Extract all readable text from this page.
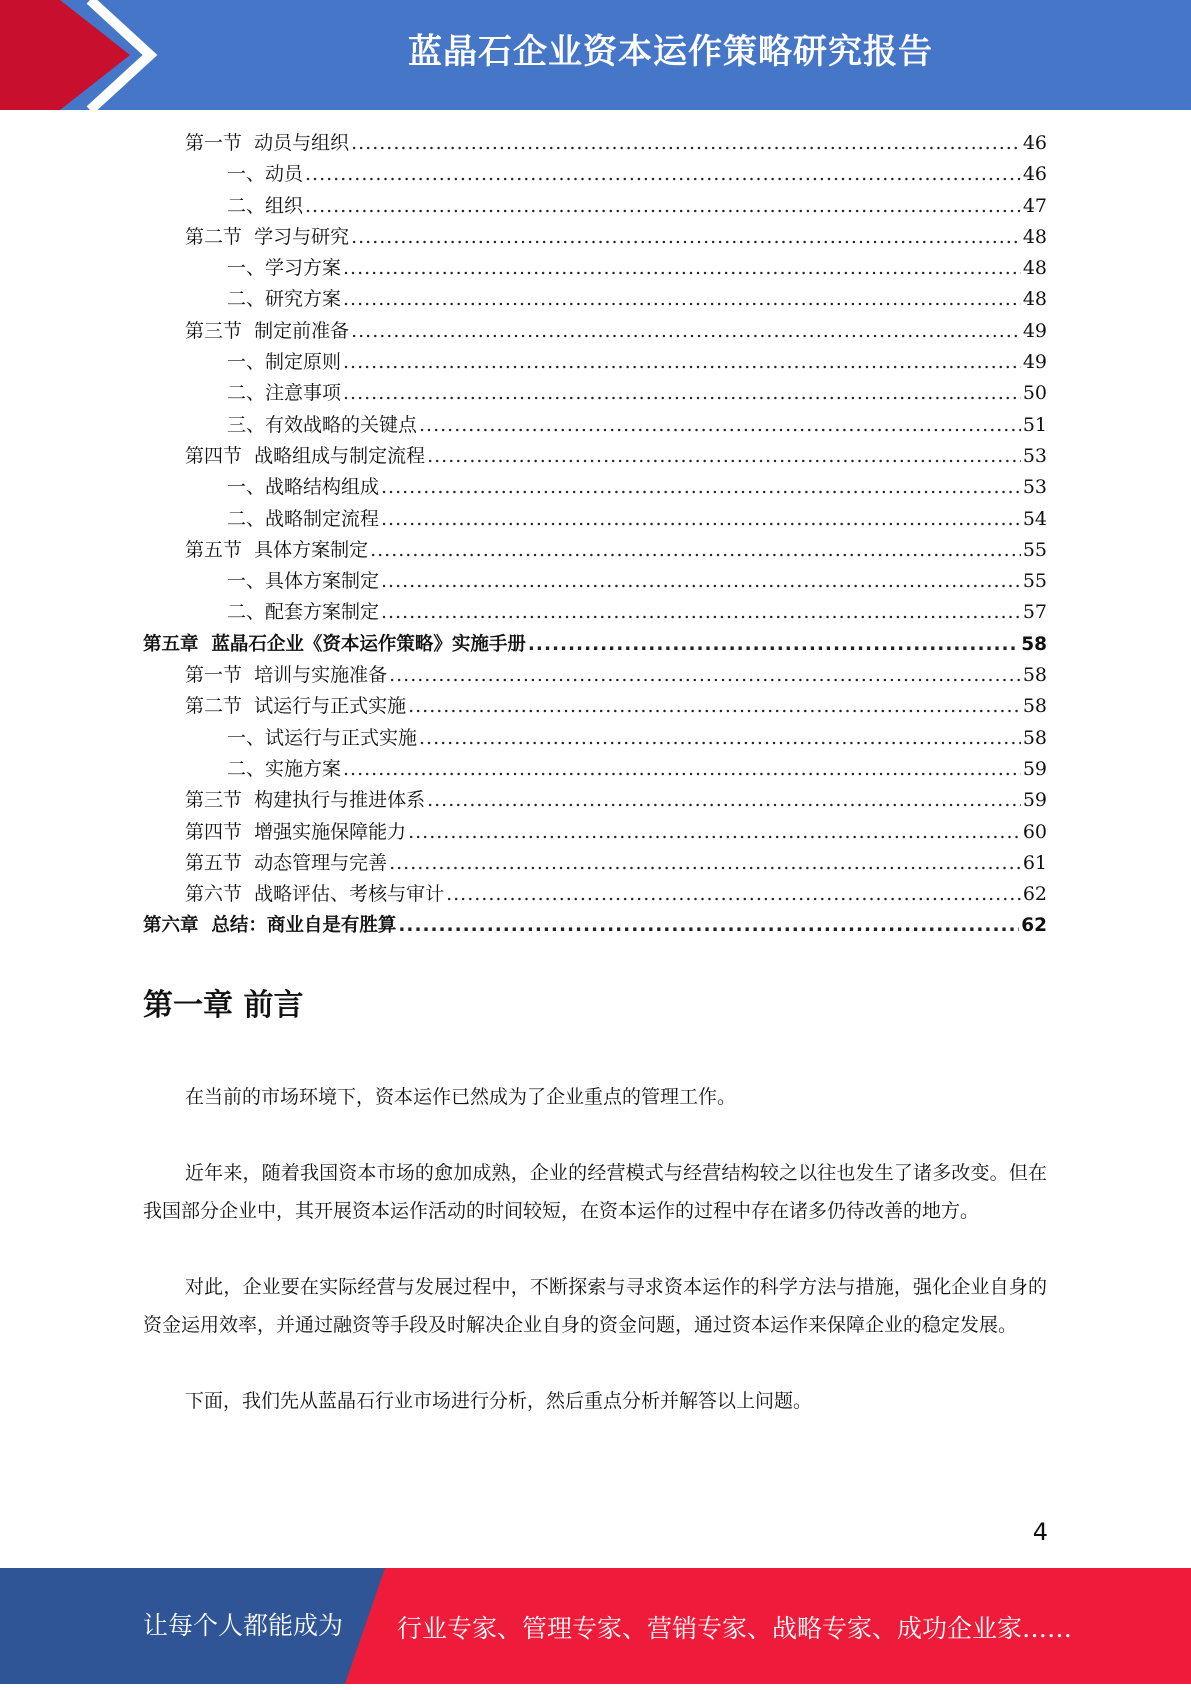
蓝晶石企业资本运作策略研究报告
第一节  动员与组织 .....	46
一、动员 .....	46
二、组织 .....	47
第二节  学习与研究 .....	48
一、学习方案 .....	48
二、研究方案 .....	48
第三节  制定前准备 .....	49
一、制定原则 .....	49
二、注意事项 .....	50
三、有效战略的关键点 .....	51
第四节  战略组成与制定流程 .....	53
一、战略结构组成 .....	53
二、战略制定流程 .....	54
第五节  具体方案制定 .....	55
一、具体方案制定 .....	55
二、配套方案制定 .....	57
第五章  蓝晶石企业《资本运作策略》实施手册 .....	58
第一节  培训与实施准备 .....	58
第二节  试运行与正式实施 .....	58
一、试运行与正式实施 .....	58
二、实施方案 .....	59
第三节  构建执行与推进体系 .....	59
第四节  增强实施保障能力 .....	60
第五节  动态管理与完善 .....	61
第六节  战略评估、考核与审计 .....	62
第六章  总结：商业自是有胜算 .....	62
第一章 前言

在当前的市场环境下，资本运作已然成为了企业重点的管理工作。

近年来，随着我国资本市场的愈加成熟，企业的经营模式与经营结构较之以往也发生了诸多改变。但在我国部分企业中，其开展资本运作活动的时间较短，在资本运作的过程中存在诸多仍待改善的地方。

对此，企业要在实际经营与发展过程中，不断探索与寻求资本运作的科学方法与措施，强化企业自身的资金运用效率，并通过融资等手段及时解决企业自身的资金问题，通过资本运作来保障企业的稳定发展。

下面，我们先从蓝晶石行业市场进行分析，然后重点分析并解答以上问题。

4
让每个人都能成为 行业专家、管理专家、营销专家、战略专家、成功企业家……
